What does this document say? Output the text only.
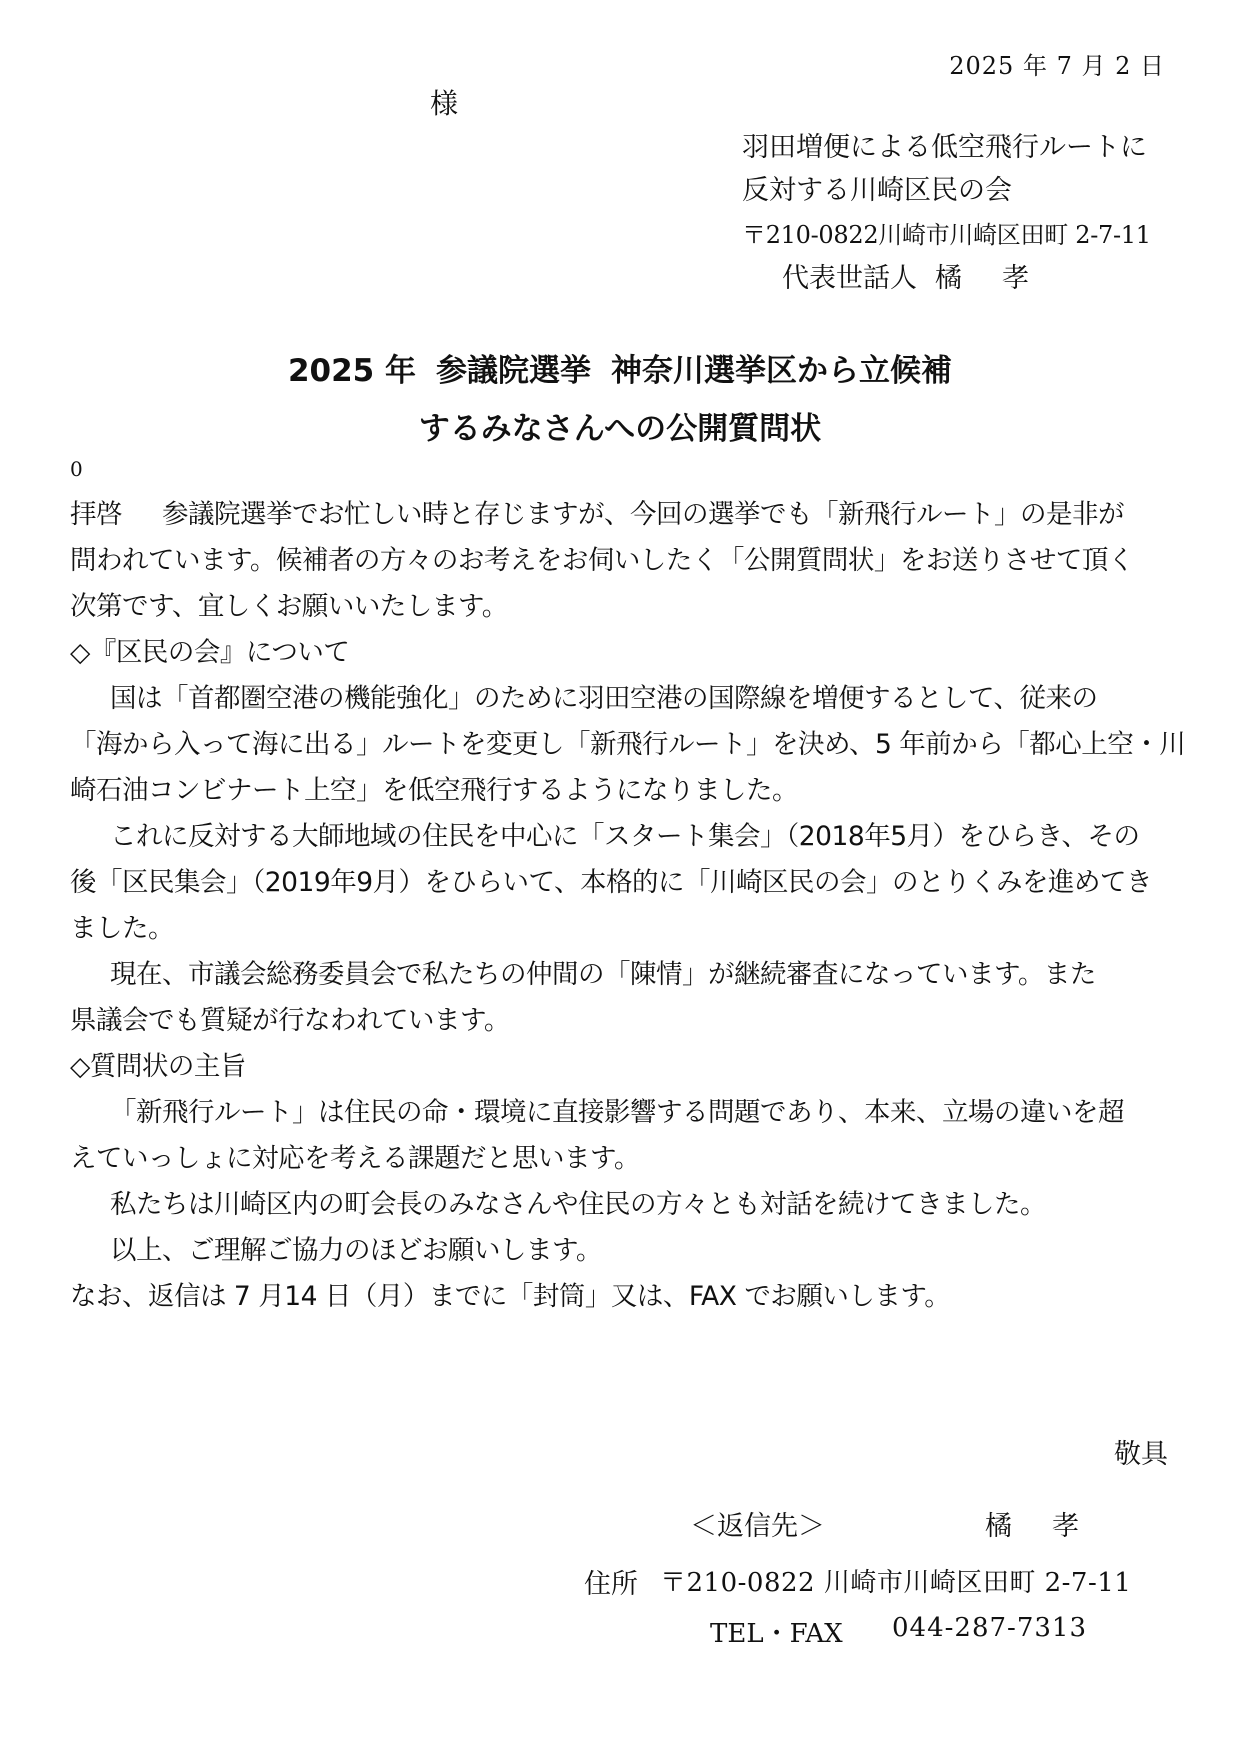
2025 年 7 月 2 日
様
羽田増便による低空飛行ルートに
反対する川崎区民の会
〒210-0822川崎市川崎区田町 2-7-11
代表世話人 橘孝
2025 年 参議院選挙 神奈川選挙区から立候補
するみなさんへの公開質問状
0

拝啓 参議院選挙でお忙しい時と存じますが、今回の選挙でも「新飛行ルート」の是非が

問われています。候補者の方々のお考えをお伺いしたく「公開質問状」をお送りさせて頂く

次第です、宜しくお願いいたします。

◇『区民の会』について

国は「首都圏空港の機能強化」のために羽田空港の国際線を増便するとして、従来の

「海から入って海に出る」ルートを変更し「新飛行ルート」を決め、5 年前から「都心上空・川

崎石油コンビナート上空」を低空飛行するようになりました。

これに反対する大師地域の住民を中心に「スタート集会」（2018年5月）をひらき、その

後「区民集会」（2019年9月）をひらいて、本格的に「川崎区民の会」のとりくみを進めてき

ました。

現在、市議会総務委員会で私たちの仲間の「陳情」が継続審査になっています。また

県議会でも質疑が行なわれています。

◇質問状の主旨

「新飛行ルート」は住民の命・環境に直接影響する問題であり、本来、立場の違いを超

えていっしょに対応を考える課題だと思います。

私たちは川崎区内の町会長のみなさんや住民の方々とも対話を続けてきました。

以上、ご理解ご協力のほどお願いします。

なお、返信は 7 月14 日（月）までに「封筒」又は、FAX でお願いします。

敬具
＜返信先＞	橘孝
住所 〒210-0822 川崎市川崎区田町 2-7-11
TEL・FAX 044-287-7313
